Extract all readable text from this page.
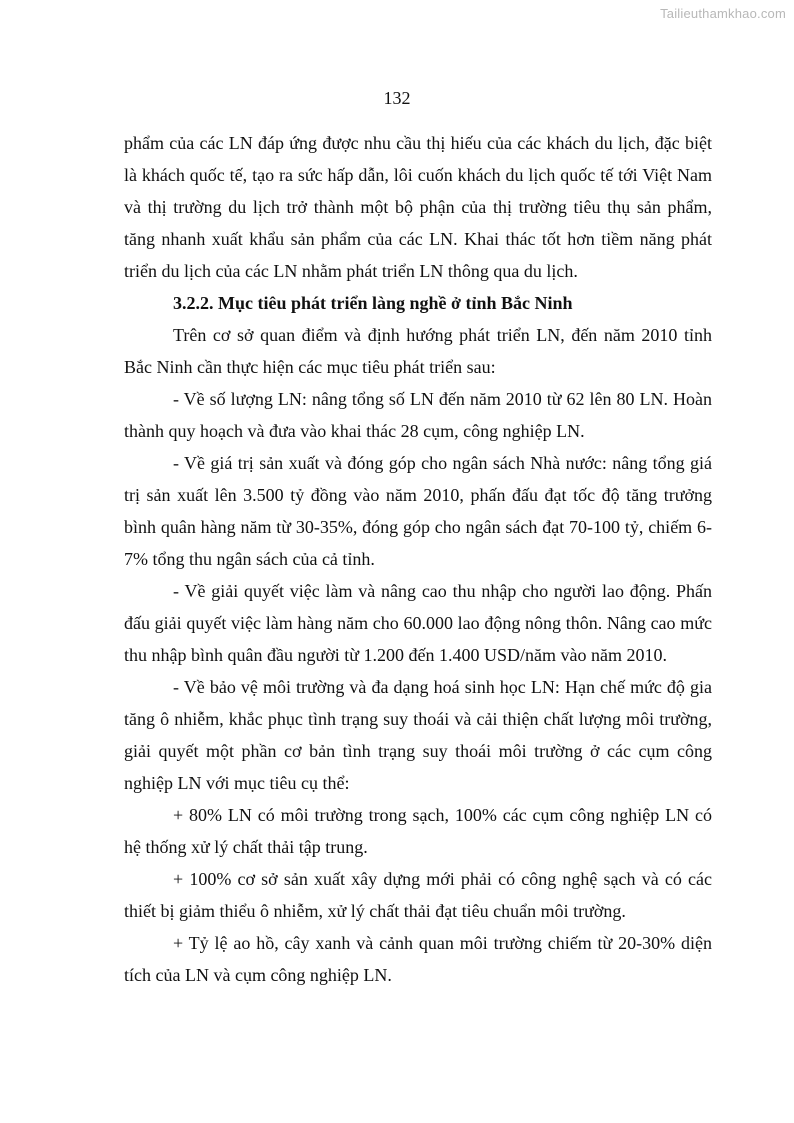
Tailieuthamkhao.com
132

phẩm của các LN đáp ứng được nhu cầu thị hiếu của các khách du lịch, đặc biệt là khách quốc tế, tạo ra sức hấp dẫn, lôi cuốn khách du lịch quốc tế tới Việt Nam và thị trường du lịch trở thành một bộ phận của thị trường tiêu thụ sản phẩm, tăng nhanh xuất khẩu sản phẩm của các LN. Khai thác tốt hơn tiềm năng phát triển du lịch của các LN nhằm phát triển LN thông qua du lịch.

3.2.2. Mục tiêu phát triển làng nghề ở tỉnh Bắc Ninh

Trên cơ sở quan điểm và định hướng phát triển LN, đến năm 2010 tỉnh Bắc Ninh cần thực hiện các mục tiêu phát triển sau:

- Về số lượng LN: nâng tổng số LN đến năm 2010 từ 62 lên 80 LN. Hoàn thành quy hoạch và đưa vào khai thác 28 cụm, công nghiệp LN.

- Về giá trị sản xuất và đóng góp cho ngân sách Nhà nước: nâng tổng giá trị sản xuất lên 3.500 tỷ đồng vào năm 2010, phấn đấu đạt tốc độ tăng trưởng bình quân hàng năm từ 30-35%, đóng góp cho ngân sách đạt 70-100 tỷ, chiếm 6-7% tổng thu ngân sách của cả tỉnh.

- Về giải quyết việc làm và nâng cao thu nhập cho người lao động. Phấn đấu giải quyết việc làm hàng năm cho 60.000 lao động nông thôn. Nâng cao mức thu nhập bình quân đầu người từ 1.200 đến 1.400 USD/năm vào năm 2010.

- Về bảo vệ môi trường và đa dạng hoá sinh học LN: Hạn chế mức độ gia tăng ô nhiễm, khắc phục tình trạng suy thoái và cải thiện chất lượng môi trường, giải quyết một phần cơ bản tình trạng suy thoái môi trường ở các cụm công nghiệp LN với mục tiêu cụ thể:

+ 80% LN có môi trường trong sạch, 100% các cụm công nghiệp LN có hệ thống xử lý chất thải tập trung.

+ 100% cơ sở sản xuất xây dựng mới phải có công nghệ sạch và có các thiết bị giảm thiểu ô nhiễm, xử lý chất thải đạt tiêu chuẩn môi trường.

+ Tỷ lệ ao hồ, cây xanh và cảnh quan môi trường chiếm từ 20-30% diện tích của LN và cụm công nghiệp LN.
